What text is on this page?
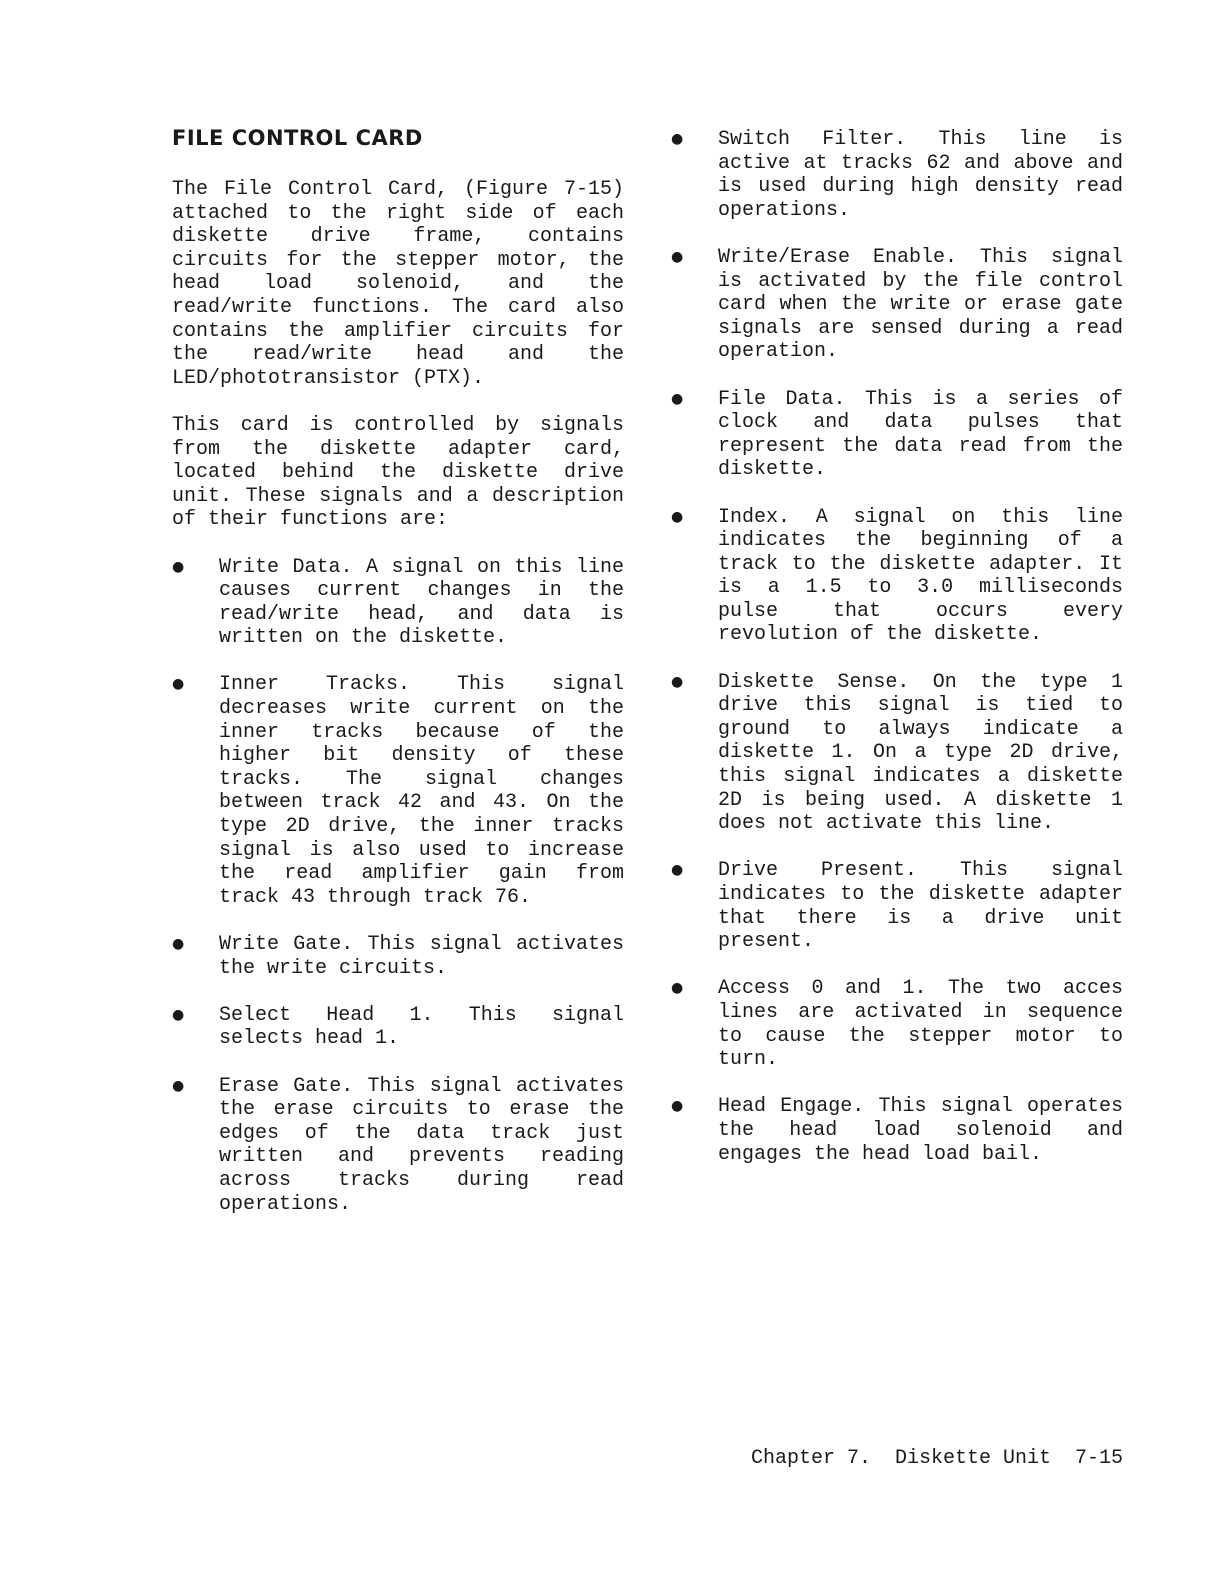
FILE CONTROL CARD

The File Control Card, (Figure 7-15) attached to the right side of each diskette drive frame, contains circuits for the stepper motor, the head load solenoid, and the read/write functions. The card also contains the amplifier circuits for the read/write head and the LED/phototransistor (PTX).

This card is controlled by signals from the diskette adapter card, located behind the diskette drive unit. These signals and a description of their functions are:

● Write Data. A signal on this line causes current changes in the read/write head, and data is written on the diskette.
● Inner Tracks. This signal decreases write current on the inner tracks because of the higher bit density of these tracks. The signal changes between track 42 and 43. On the type 2D drive, the inner tracks signal is also used to increase the read amplifier gain from track 43 through track 76.
● Write Gate. This signal activates the write circuits.
● Select Head 1. This signal selects head 1.
● Erase Gate. This signal activates the erase circuits to erase the edges of the data track just written and prevents reading across tracks during read operations.
● Switch Filter. This line is active at tracks 62 and above and is used during high density read operations.
● Write/Erase Enable. This signal is activated by the file control card when the write or erase gate signals are sensed during a read operation.
● File Data. This is a series of clock and data pulses that represent the data read from the diskette.
● Index. A signal on this line indicates the beginning of a track to the diskette adapter. It is a 1.5 to 3.0 milliseconds pulse that occurs every revolution of the diskette.
● Diskette Sense. On the type 1 drive this signal is tied to ground to always indicate a diskette 1. On a type 2D drive, this signal indicates a diskette 2D is being used. A diskette 1 does not activate this line.
● Drive Present. This signal indicates to the diskette adapter that there is a drive unit present.
● Access 0 and 1. The two acces lines are activated in sequence to cause the stepper motor to turn.
● Head Engage. This signal operates the head load solenoid and engages the head load bail.
Chapter 7.  Diskette Unit  7-15
